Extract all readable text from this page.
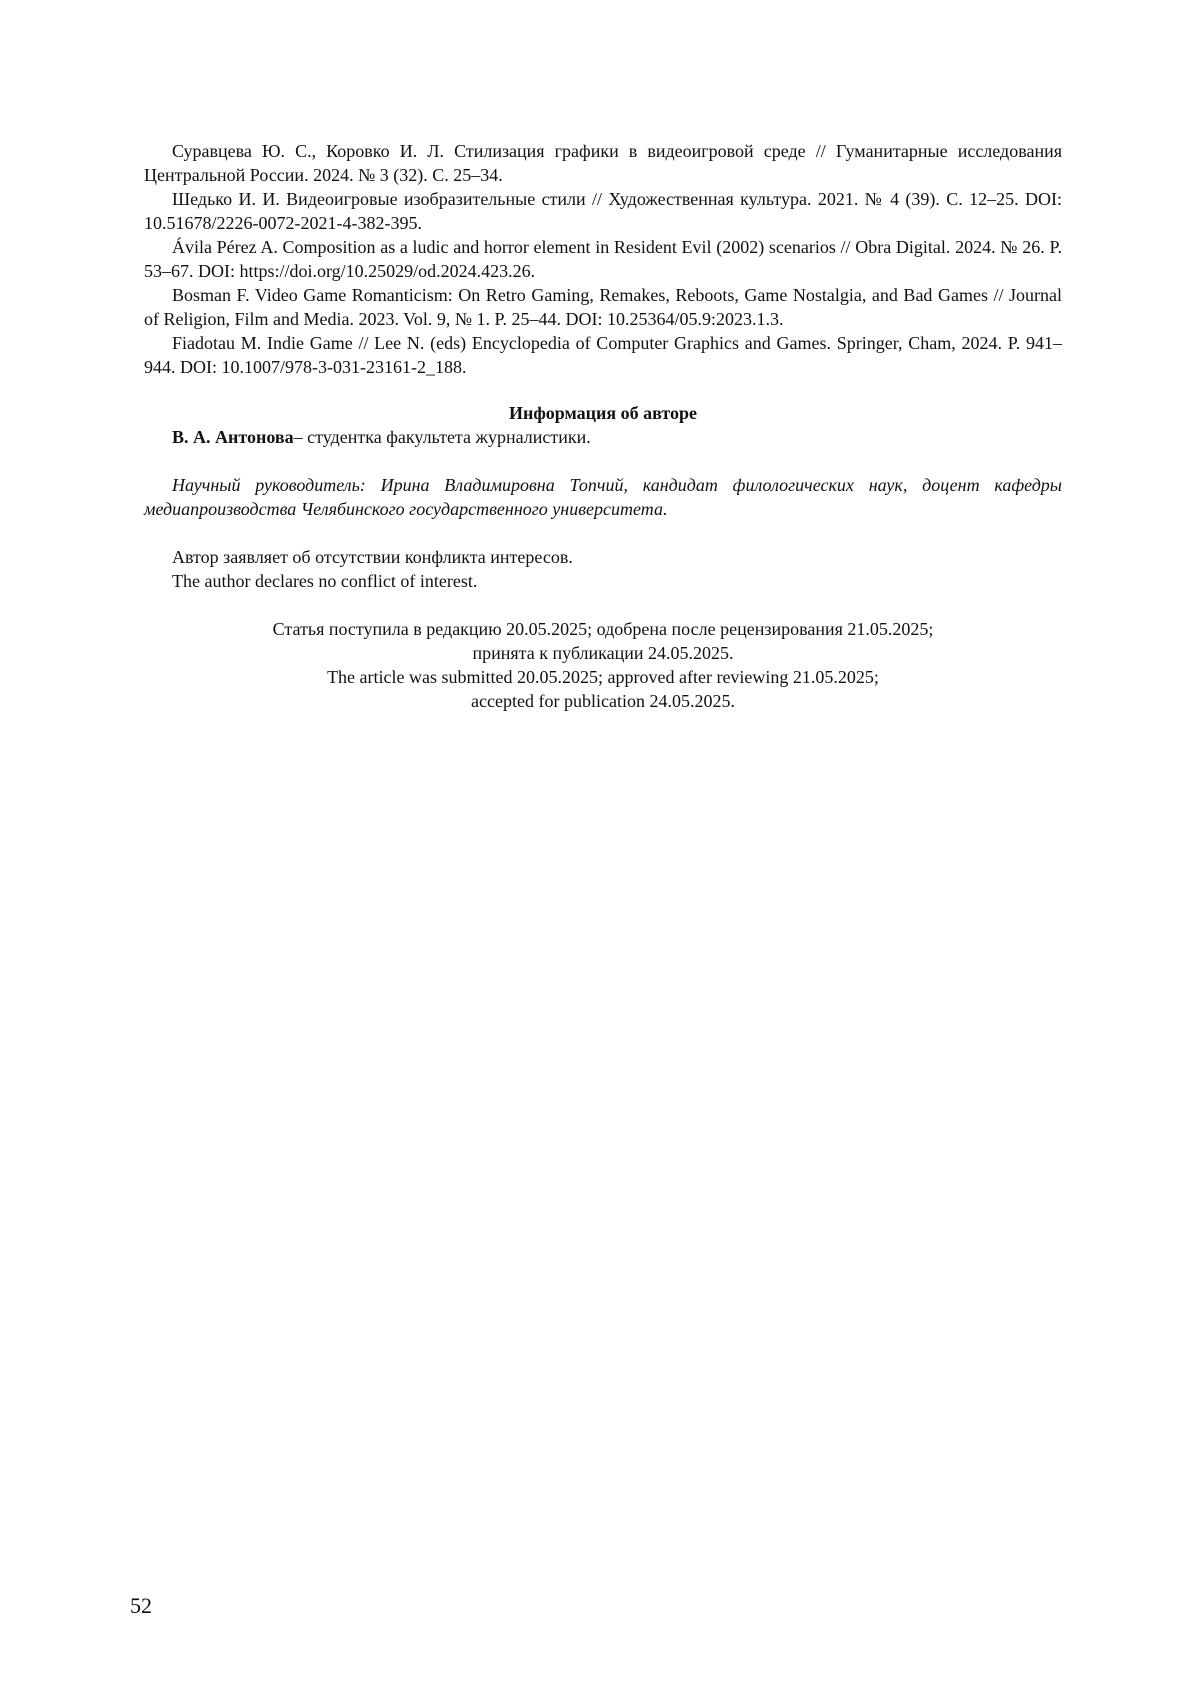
Суравцева Ю. С., Коровко И. Л. Стилизация графики в видеоигровой среде // Гуманитарные исследования Центральной России. 2024. № 3 (32). С. 25–34.

Шедько И. И. Видеоигровые изобразительные стили // Художественная культура. 2021. № 4 (39). С. 12–25. DOI: 10.51678/2226-0072-2021-4-382-395.

Ávila Pérez A. Composition as a ludic and horror element in Resident Evil (2002) scenarios // Obra Digital. 2024. № 26. P. 53–67. DOI: https://doi.org/10.25029/od.2024.423.26.

Bosman F. Video Game Romanticism: On Retro Gaming, Remakes, Reboots, Game Nostalgia, and Bad Games // Journal of Religion, Film and Media. 2023. Vol. 9, № 1. P. 25–44. DOI: 10.25364/05.9:2023.1.3.

Fiadotau M. Indie Game // Lee N. (eds) Encyclopedia of Computer Graphics and Games. Springer, Cham, 2024. P. 941–944. DOI: 10.1007/978-3-031-23161-2_188.

Информация об авторе

В. А. Антонова– студентка факультета журналистики.

Научный руководитель: Ирина Владимировна Топчий, кандидат филологических наук, доцент кафедры медиапроизводства Челябинского государственного университета.

Автор заявляет об отсутствии конфликта интересов.

The author declares no conflict of interest.

Статья поступила в редакцию 20.05.2025; одобрена после рецензирования 21.05.2025;

принята к публикации 24.05.2025.

The article was submitted 20.05.2025; approved after reviewing 21.05.2025;

accepted for publication 24.05.2025.

52
